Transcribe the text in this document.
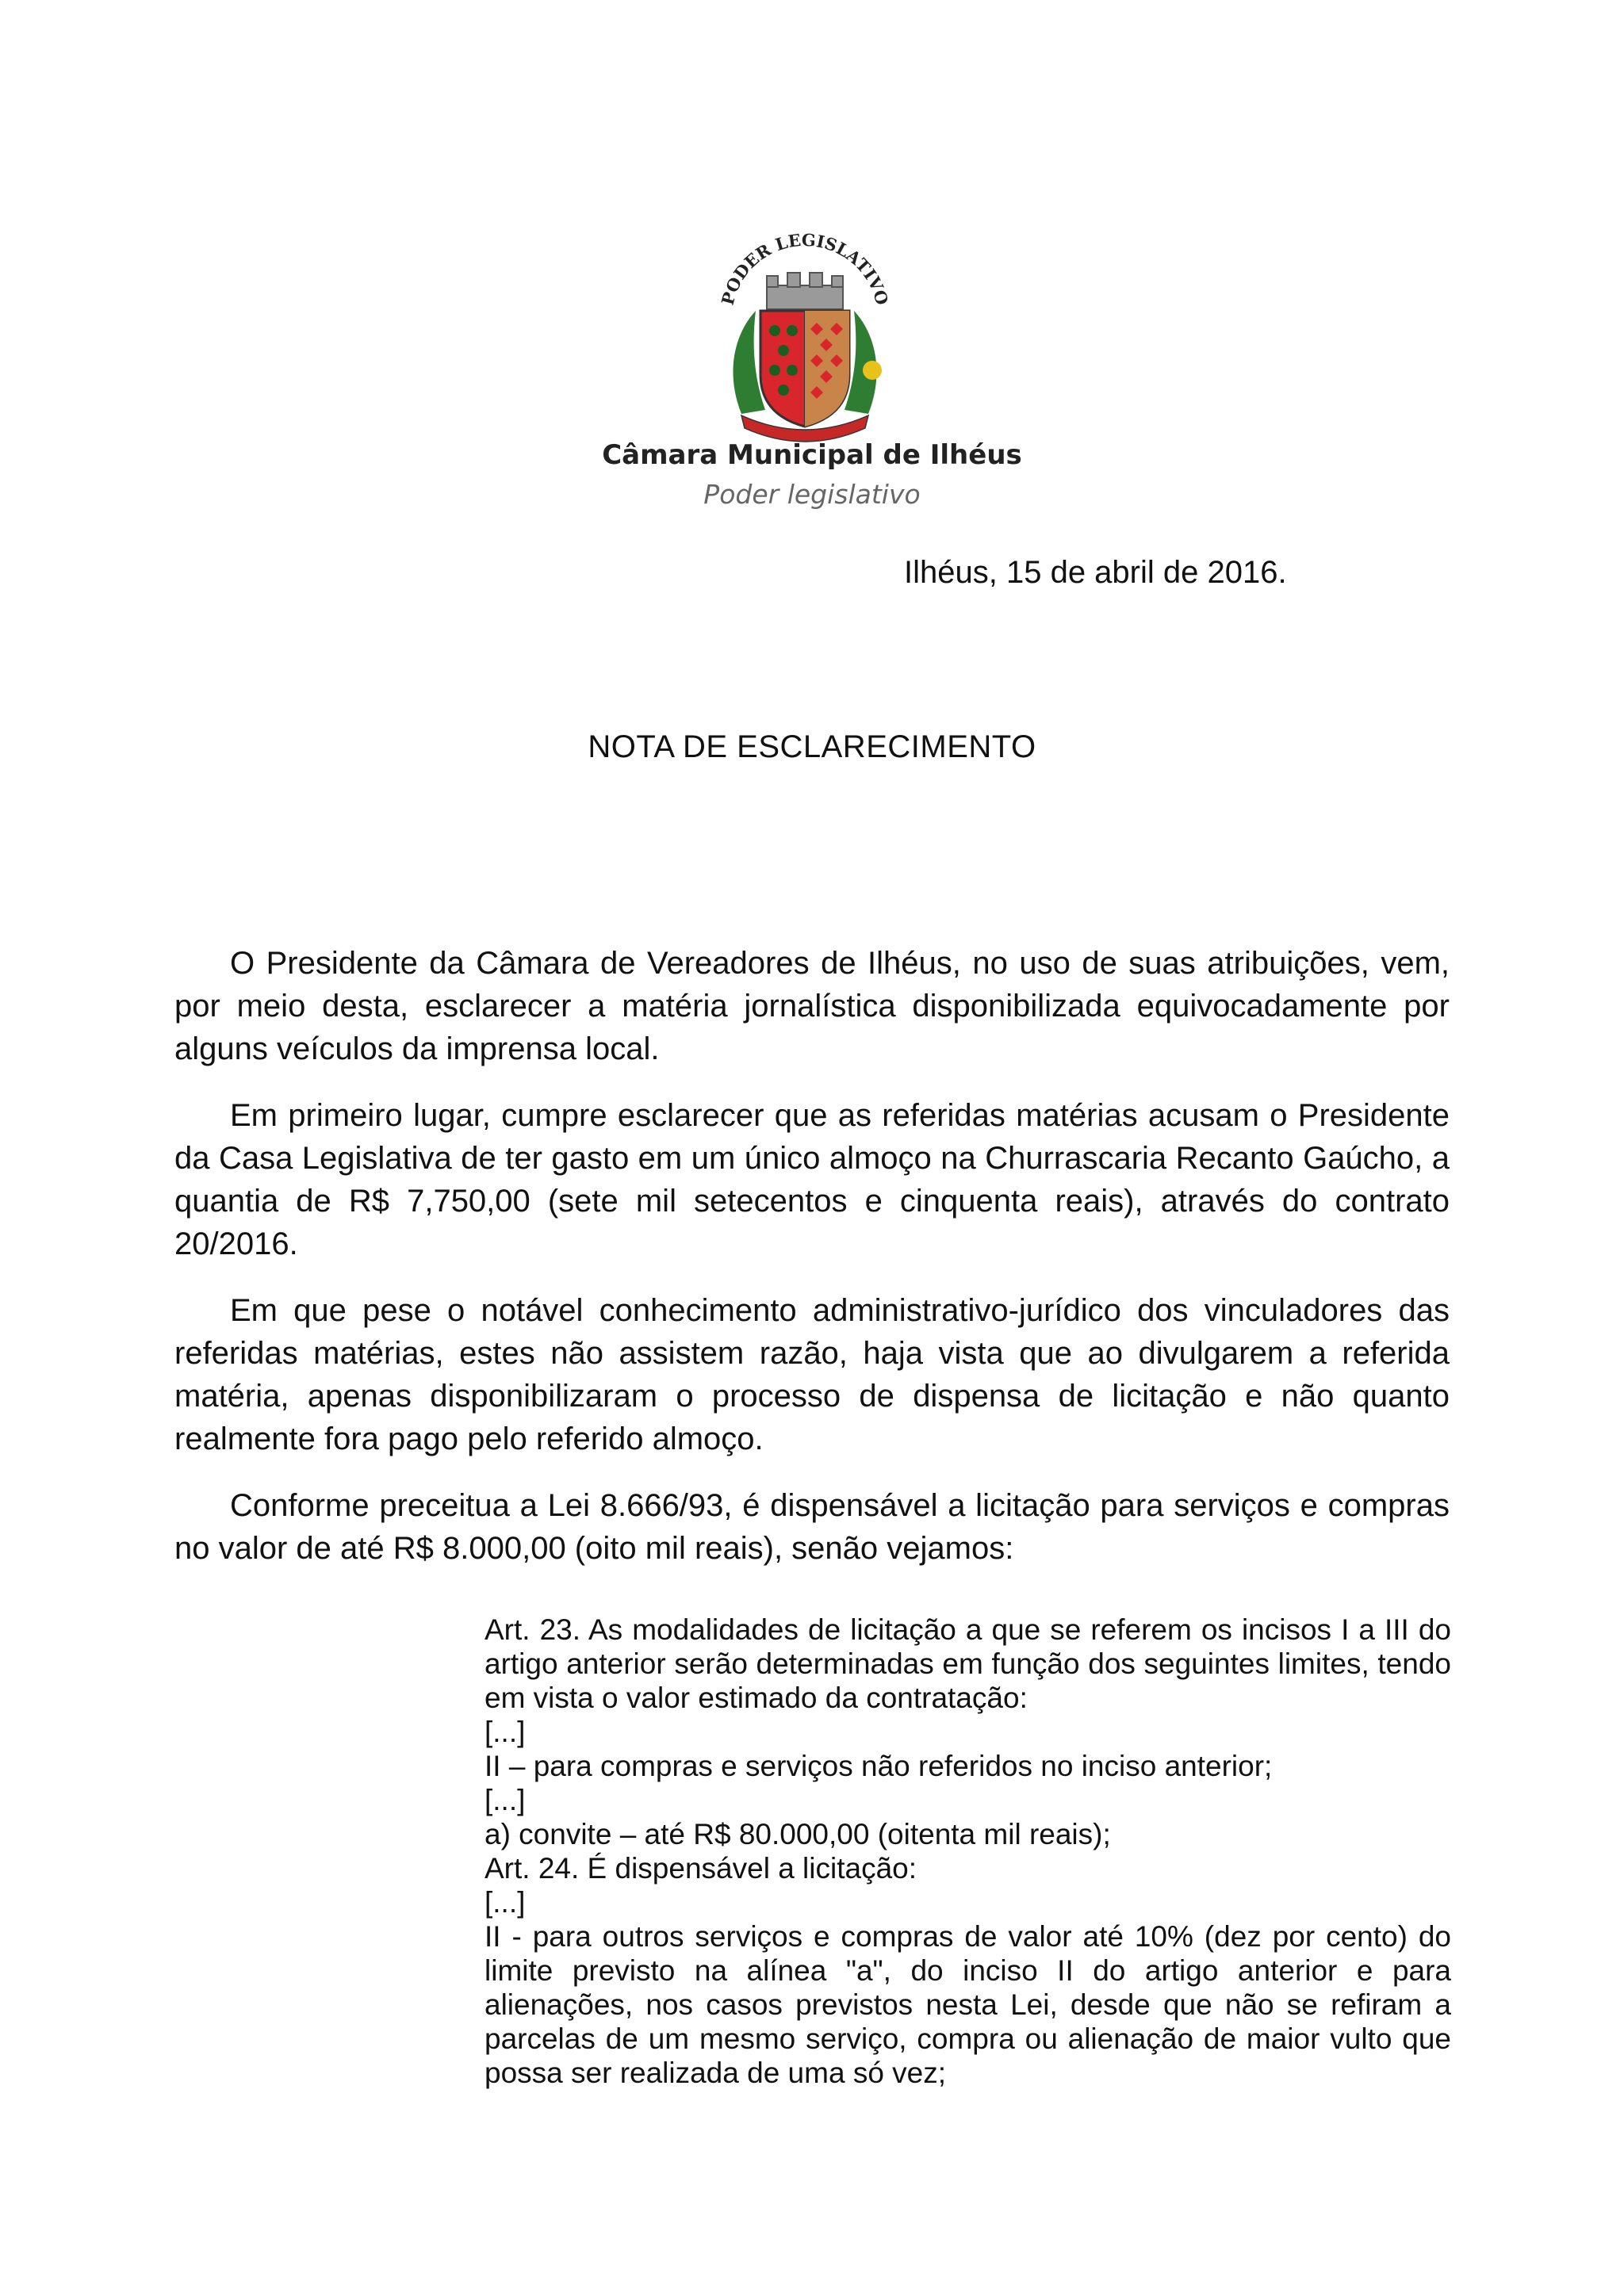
PODER LEGISLATIVO
Câmara Municipal de Ilhéus
Poder legislativo
Ilhéus, 15 de abril de 2016.
NOTA DE ESCLARECIMENTO

O Presidente da Câmara de Vereadores de Ilhéus, no uso de suas atribuições, vem, por meio desta, esclarecer a matéria jornalística disponibilizada equivocadamente por alguns veículos da imprensa local.

Em primeiro lugar, cumpre esclarecer que as referidas matérias acusam o Presidente da Casa Legislativa de ter gasto em um único almoço na Churrascaria Recanto Gaúcho, a quantia de R$ 7,750,00 (sete mil setecentos e cinquenta reais), através do contrato 20/2016.

Em que pese o notável conhecimento administrativo-jurídico dos vinculadores das referidas matérias, estes não assistem razão, haja vista que ao divulgarem a referida matéria, apenas disponibilizaram o processo de dispensa de licitação e não quanto realmente fora pago pelo referido almoço.

Conforme preceitua a Lei 8.666/93, é dispensável a licitação para serviços e compras no valor de até R$ 8.000,00 (oito mil reais), senão vejamos:

Art. 23. As modalidades de licitação a que se referem os incisos I a III do artigo anterior serão determinadas em função dos seguintes limites, tendo em vista o valor estimado da contratação:

[...]

II – para compras e serviços não referidos no inciso anterior;

[...]

a) convite – até R$ 80.000,00 (oitenta mil reais);

Art. 24. É dispensável a licitação:

[...]

II - para outros serviços e compras de valor até 10% (dez por cento) do limite previsto na alínea "a", do inciso II do artigo anterior e para alienações, nos casos previstos nesta Lei, desde que não se refiram a parcelas de um mesmo serviço, compra ou alienação de maior vulto que possa ser realizada de uma só vez;
